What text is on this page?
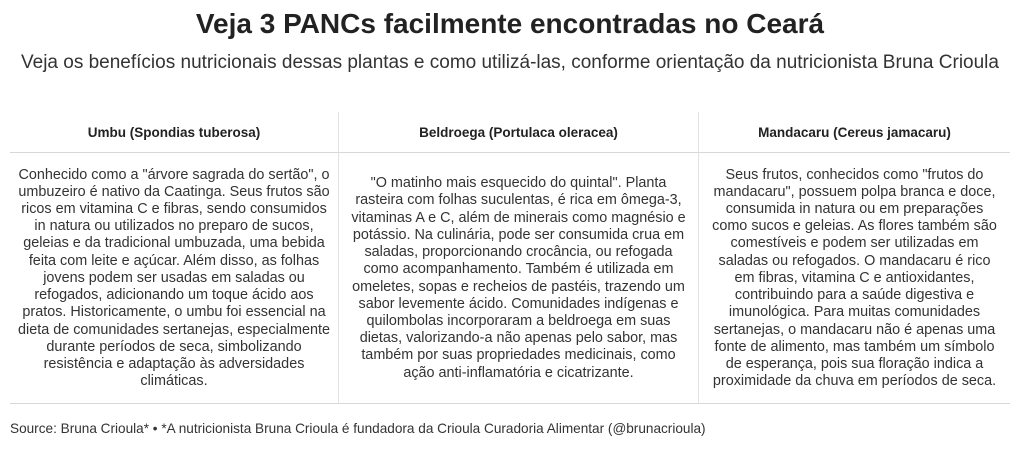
Veja 3 PANCs facilmente encontradas no Ceará

Veja os benefícios nutricionais dessas plantas e como utilizá-las, conforme orientação da nutricionista Bruna Crioula

Umbu (Spondias tuberosa)	Beldroega (Portulaca oleracea)	Mandacaru (Cereus jamacaru)
Conhecido como a "árvore sagrada do sertão", o umbuzeiro é nativo da Caatinga. Seus frutos são ricos em vitamina C e fibras, sendo consumidos in natura ou utilizados no preparo de sucos, geleias e da tradicional umbuzada, uma bebida feita com leite e açúcar. Além disso, as folhas jovens podem ser usadas em saladas ou refogados, adicionando um toque ácido aos pratos. Historicamente, o umbu foi essencial na dieta de comunidades sertanejas, especialmente durante períodos de seca, simbolizando resistência e adaptação às adversidades climáticas.
"O matinho mais esquecido do quintal". Planta rasteira com folhas suculentas, é rica em ômega-3, vitaminas A e C, além de minerais como magnésio e potássio. Na culinária, pode ser consumida crua em saladas, proporcionando crocância, ou refogada como acompanhamento. Também é utilizada em omeletes, sopas e recheios de pastéis, trazendo um sabor levemente ácido. Comunidades indígenas e quilombolas incorporaram a beldroega em suas dietas, valorizando-a não apenas pelo sabor, mas também por suas propriedades medicinais, como ação anti-inflamatória e cicatrizante.
Seus frutos, conhecidos como "frutos do mandacaru", possuem polpa branca e doce, consumida in natura ou em preparações como sucos e geleias. As flores também são comestíveis e podem ser utilizadas em saladas ou refogados. O mandacaru é rico em fibras, vitamina C e antioxidantes, contribuindo para a saúde digestiva e imunológica. Para muitas comunidades sertanejas, o mandacaru não é apenas uma fonte de alimento, mas também um símbolo de esperança, pois sua floração indica a proximidade da chuva em períodos de seca.
Source: Bruna Crioula* • *A nutricionista Bruna Crioula é fundadora da Crioula Curadoria Alimentar (@brunacrioula)
